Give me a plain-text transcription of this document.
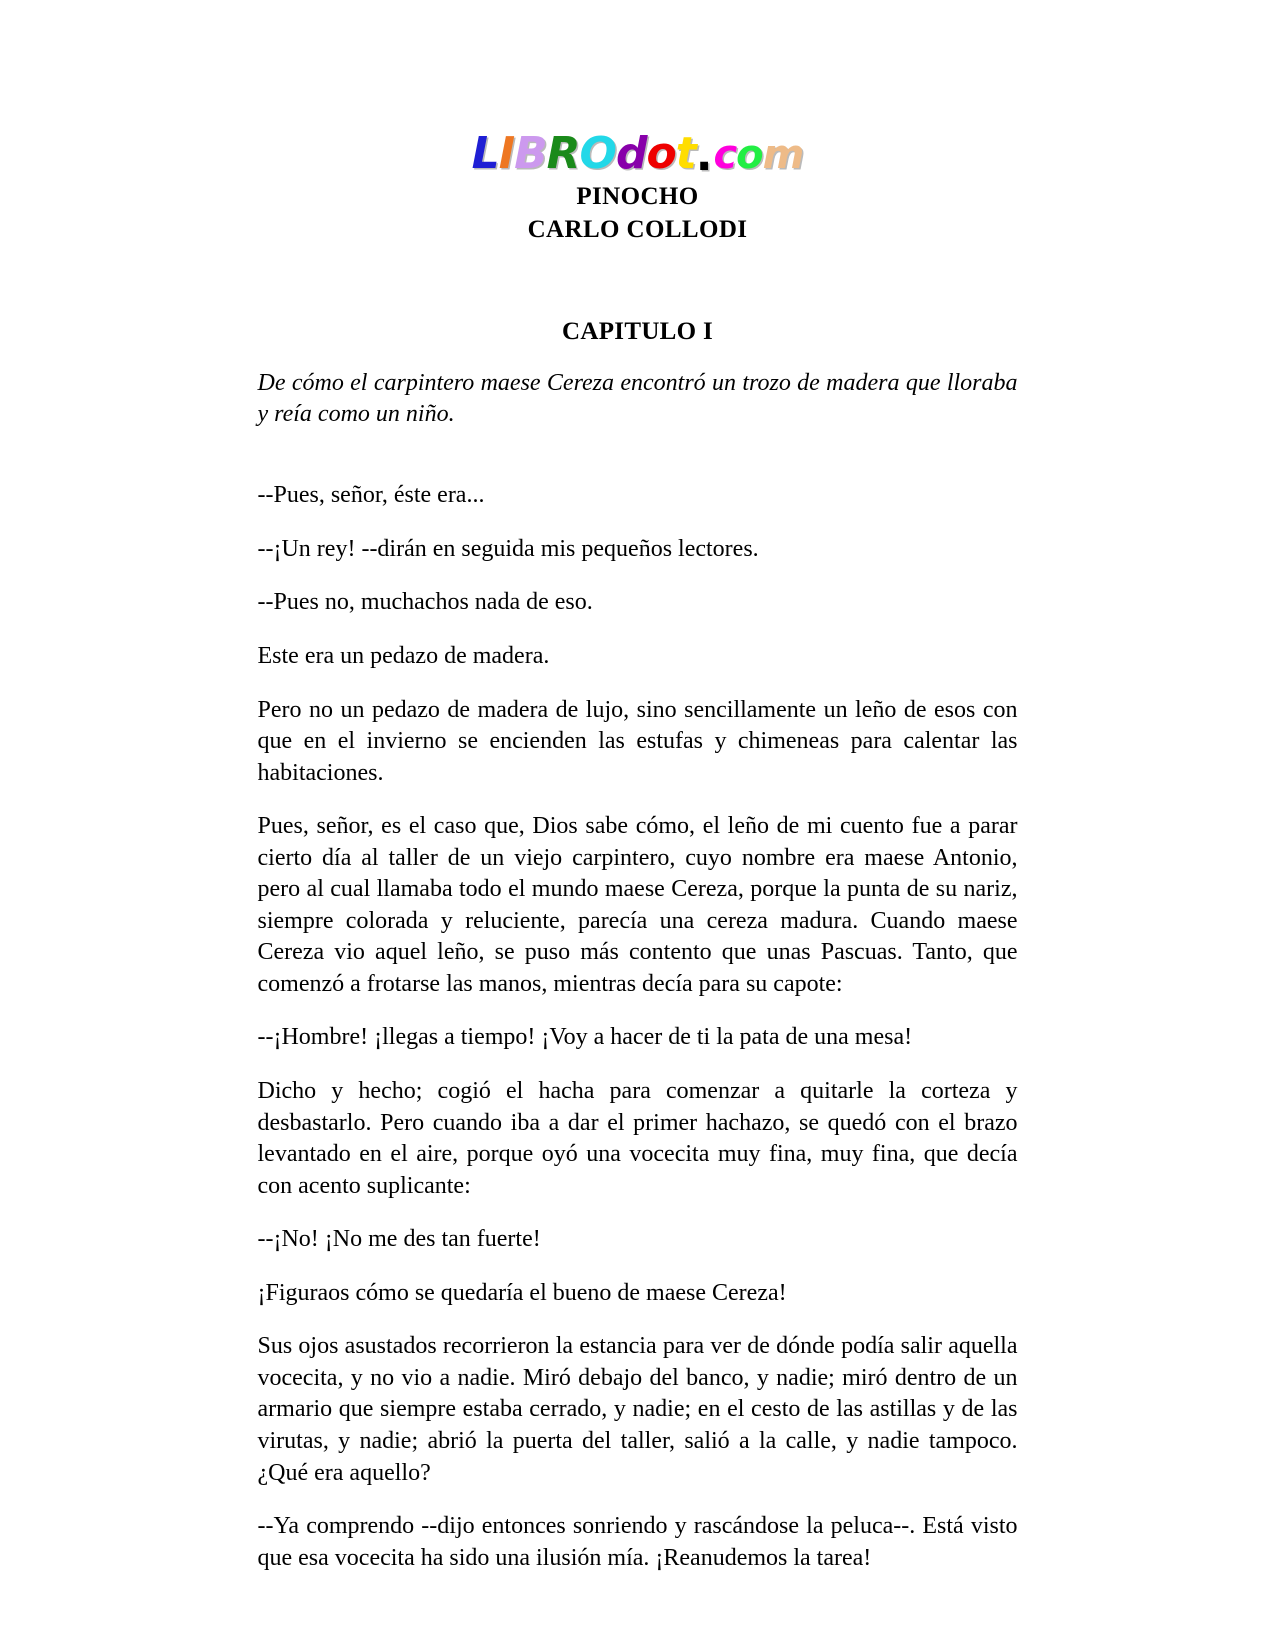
LIBROdot.com
PINOCHO
CARLO COLLODI
CAPITULO I
De cómo el carpintero maese Cereza encontró un trozo de madera que lloraba y reía como un niño.

--Pues, señor, éste era...

--¡Un rey! --dirán en seguida mis pequeños lectores.

--Pues no, muchachos nada de eso.

Este era un pedazo de madera.

Pero no un pedazo de madera de lujo, sino sencillamente un leño de esos con que en el invierno se encienden las estufas y chimeneas para calentar las habitaciones.

Pues, señor, es el caso que, Dios sabe cómo, el leño de mi cuento fue a parar cierto día al taller de un viejo carpintero, cuyo nombre era maese Antonio, pero al cual llamaba todo el mundo maese Cereza, porque la punta de su nariz, siempre colorada y reluciente, parecía una cereza madura. Cuando maese Cereza vio aquel leño, se puso más contento que unas Pascuas. Tanto, que comenzó a frotarse las manos, mientras decía para su capote:

--¡Hombre! ¡llegas a tiempo! ¡Voy a hacer de ti la pata de una mesa!

Dicho y hecho; cogió el hacha para comenzar a quitarle la corteza y desbastarlo. Pero cuando iba a dar el primer hachazo, se quedó con el brazo levantado en el aire, porque oyó una vocecita muy fina, muy fina, que decía con acento suplicante:

--¡No! ¡No me des tan fuerte!

¡Figuraos cómo se quedaría el bueno de maese Cereza!

Sus ojos asustados recorrieron la estancia para ver de dónde podía salir aquella vocecita, y no vio a nadie. Miró debajo del banco, y nadie; miró dentro de un armario que siempre estaba cerrado, y nadie; en el cesto de las astillas y de las virutas, y nadie; abrió la puerta del taller, salió a la calle, y nadie tampoco. ¿Qué era aquello?

--Ya comprendo --dijo entonces sonriendo y rascándose la peluca--. Está visto que esa vocecita ha sido una ilusión mía. ¡Reanudemos la tarea!
